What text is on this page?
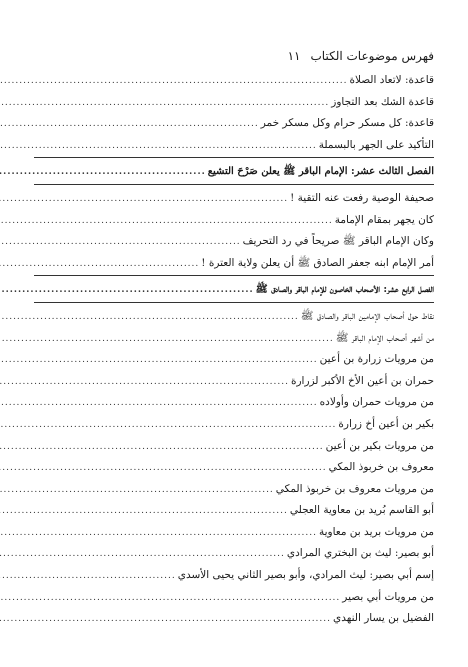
فهرس موضوعات الكتاب
١١
قاعدة: لاتعاد الصلاة
.....
قاعدة الشك بعد التجاوز
.....
قاعدة: كل مسكر حرام وكل مسكر خمر
.....
التأكيد على الجهر بالبسملة
.....
الفصل الثالث عشر: الإمام الباقر ﷺ يعلن صَرْحَ التشيع
.....
صحيفة الوصية رفعت عنه التقية !
.....
كان يجهر بمقام الإمامة
.....
وكان الإمام الباقر ﷺ صريحاً في رد التحريف
.....
أمر الإمام ابنه جعفر الصادق ﷺ أن يعلن ولاية العترة !
.....
الفصل الرابع عشر: الأصحاب الخاصون للإمام الباقر والصادق ﷺ
.....
نقاط حول أصحاب الإمامين الباقر والصادق ﷺ
.....
من أشهر أصحاب الإمام الباقر ﷺ
.....
من مرويات زرارة بن أعين
.....
حمران بن أعين الأخ الأكبر لزرارة
.....
من مرويات حمران وأولاده
.....
بكير بن أعين أخ زرارة
.....
من مرويات بكير بن أعين
.....
معروف بن خربوذ المكي
.....
من مرويات معروف بن خربوذ المكي
.....
أبو القاسم بُريد بن معاوية العجلي
.....
من مرويات بريد بن معاوية
.....
أبو بصير: ليث بن البختري المرادي
.....
إسم أبي بصير: ليث المرادي، وأبو بصير الثاني يحيى الأسدي
.....
من مرويات أبي بصير
.....
الفضيل بن يسار النهدي
.....
